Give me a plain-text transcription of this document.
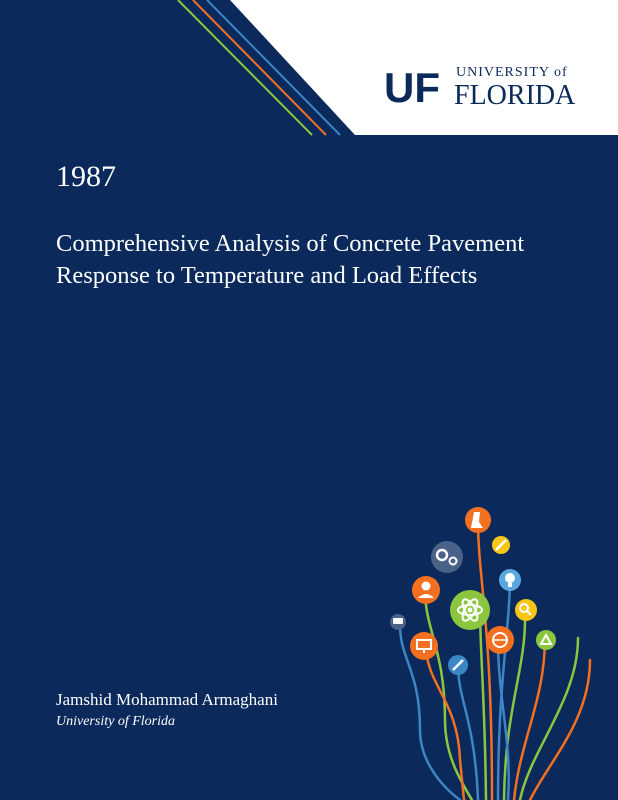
UF UNIVERSITY of
FLORIDA
1987
Comprehensive Analysis of Concrete Pavement Response to Temperature and Load Effects
Jamshid Mohammad Armaghani
University of Florida
